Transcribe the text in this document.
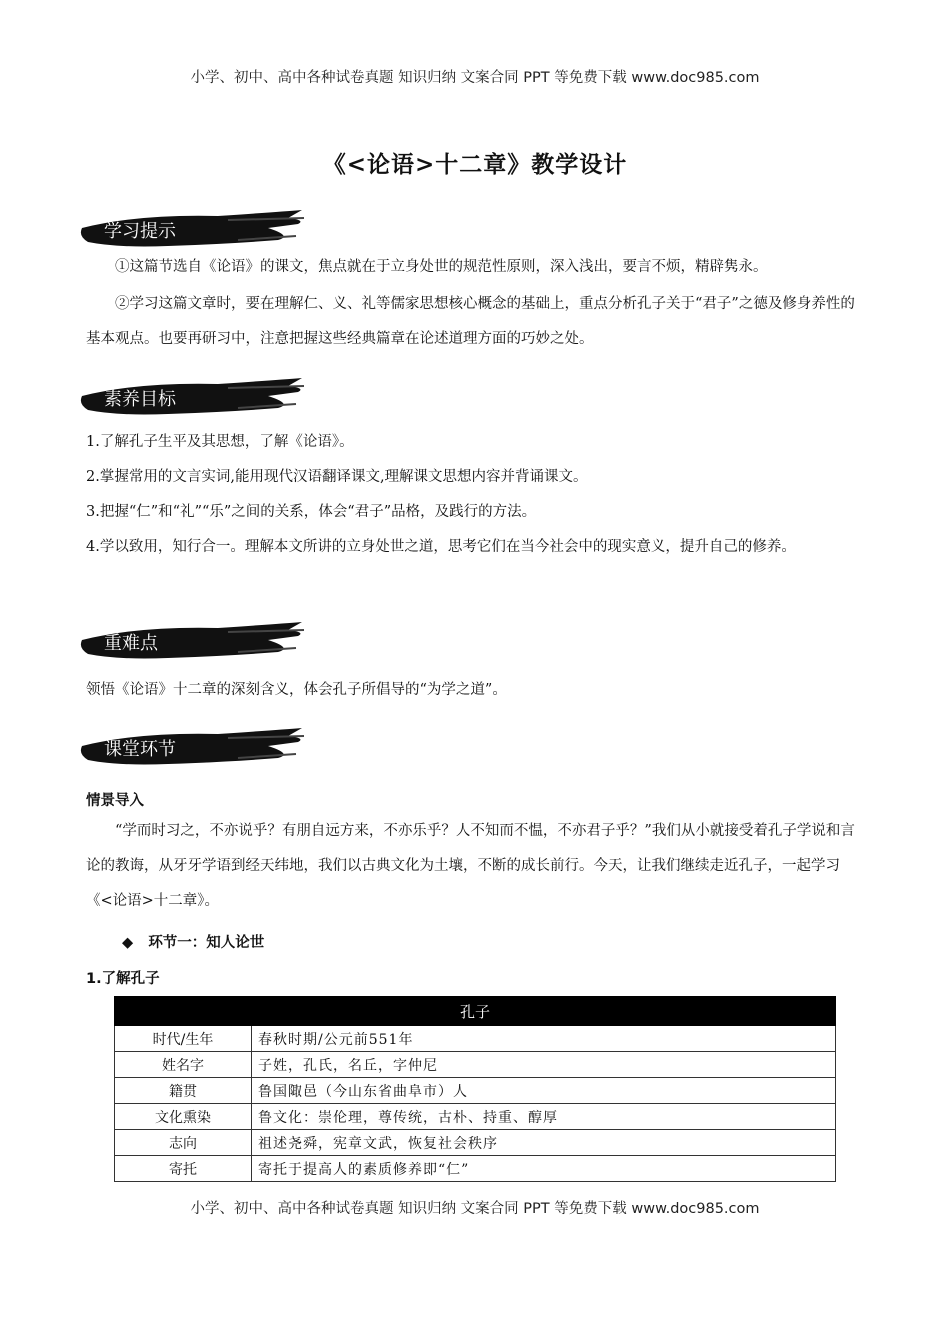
小学、初中、高中各种试卷真题 知识归纳 文案合同 PPT 等免费下载 www.doc985.com
《<论语>十二章》教学设计
学习提示
①这篇节选自《论语》的课文，焦点就在于立身处世的规范性原则，深入浅出，要言不烦，精辟隽永。
②学习这篇文章时，要在理解仁、义、礼等儒家思想核心概念的基础上，重点分析孔子关于“君子”之德及修身养性的基本观点。也要再研习中，注意把握这些经典篇章在论述道理方面的巧妙之处。
素养目标
1.了解孔子生平及其思想，了解《论语》。
2.掌握常用的文言实词,能用现代汉语翻译课文,理解课文思想内容并背诵课文。
3.把握“仁”和“礼”“乐”之间的关系，体会“君子”品格，及践行的方法。
4.学以致用，知行合一。理解本文所讲的立身处世之道，思考它们在当今社会中的现实意义，提升自己的修养。
重难点
领悟《论语》十二章的深刻含义，体会孔子所倡导的“为学之道”。
课堂环节
情景导入
“学而时习之，不亦说乎？有朋自远方来，不亦乐乎？人不知而不愠，不亦君子乎？”我们从小就接受着孔子学说和言论的教诲，从牙牙学语到经天纬地，我们以古典文化为土壤，不断的成长前行。今天，让我们继续走近孔子，一起学习《<论语>十二章》。
◆ 环节一：知人论世
1.了解孔子
孔子	
时代/生年	春秋时期/公元前551年
姓名字	子姓，孔氏，名丘，字仲尼
籍贯	鲁国陬邑（今山东省曲阜市）人
文化熏染	鲁文化：崇伦理，尊传统，古朴、持重、醇厚
志向	祖述尧舜，宪章文武，恢复社会秩序
寄托	寄托于提高人的素质修养即“仁”
小学、初中、高中各种试卷真题 知识归纳 文案合同 PPT 等免费下载 www.doc985.com
